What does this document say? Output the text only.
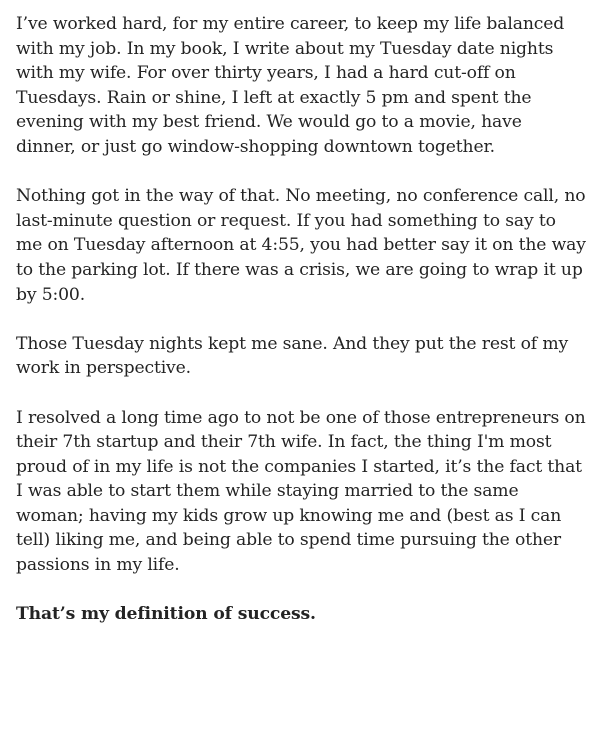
I’ve worked hard, for my entire career, to keep my life balanced with my job. In my book, I write about my Tuesday date nights with my wife. For over thirty years, I had a hard cut-off on Tuesdays. Rain or shine, I left at exactly 5 pm and spent the evening with my best friend. We would go to a movie, have dinner, or just go window-shopping downtown together.

Nothing got in the way of that. No meeting, no conference call, no last-minute question or request. If you had something to say to me on Tuesday afternoon at 4:55, you had better say it on the way to the parking lot. If there was a crisis, we are going to wrap it up by 5:00.

Those Tuesday nights kept me sane. And they put the rest of my work in perspective.

I resolved a long time ago to not be one of those entrepreneurs on their 7th startup and their 7th wife. In fact, the thing I'm most proud of in my life is not the companies I started, it’s the fact that I was able to start them while staying married to the same woman; having my kids grow up knowing me and (best as I can tell) liking me, and being able to spend time pursuing the other passions in my life.

That’s my definition of success.
